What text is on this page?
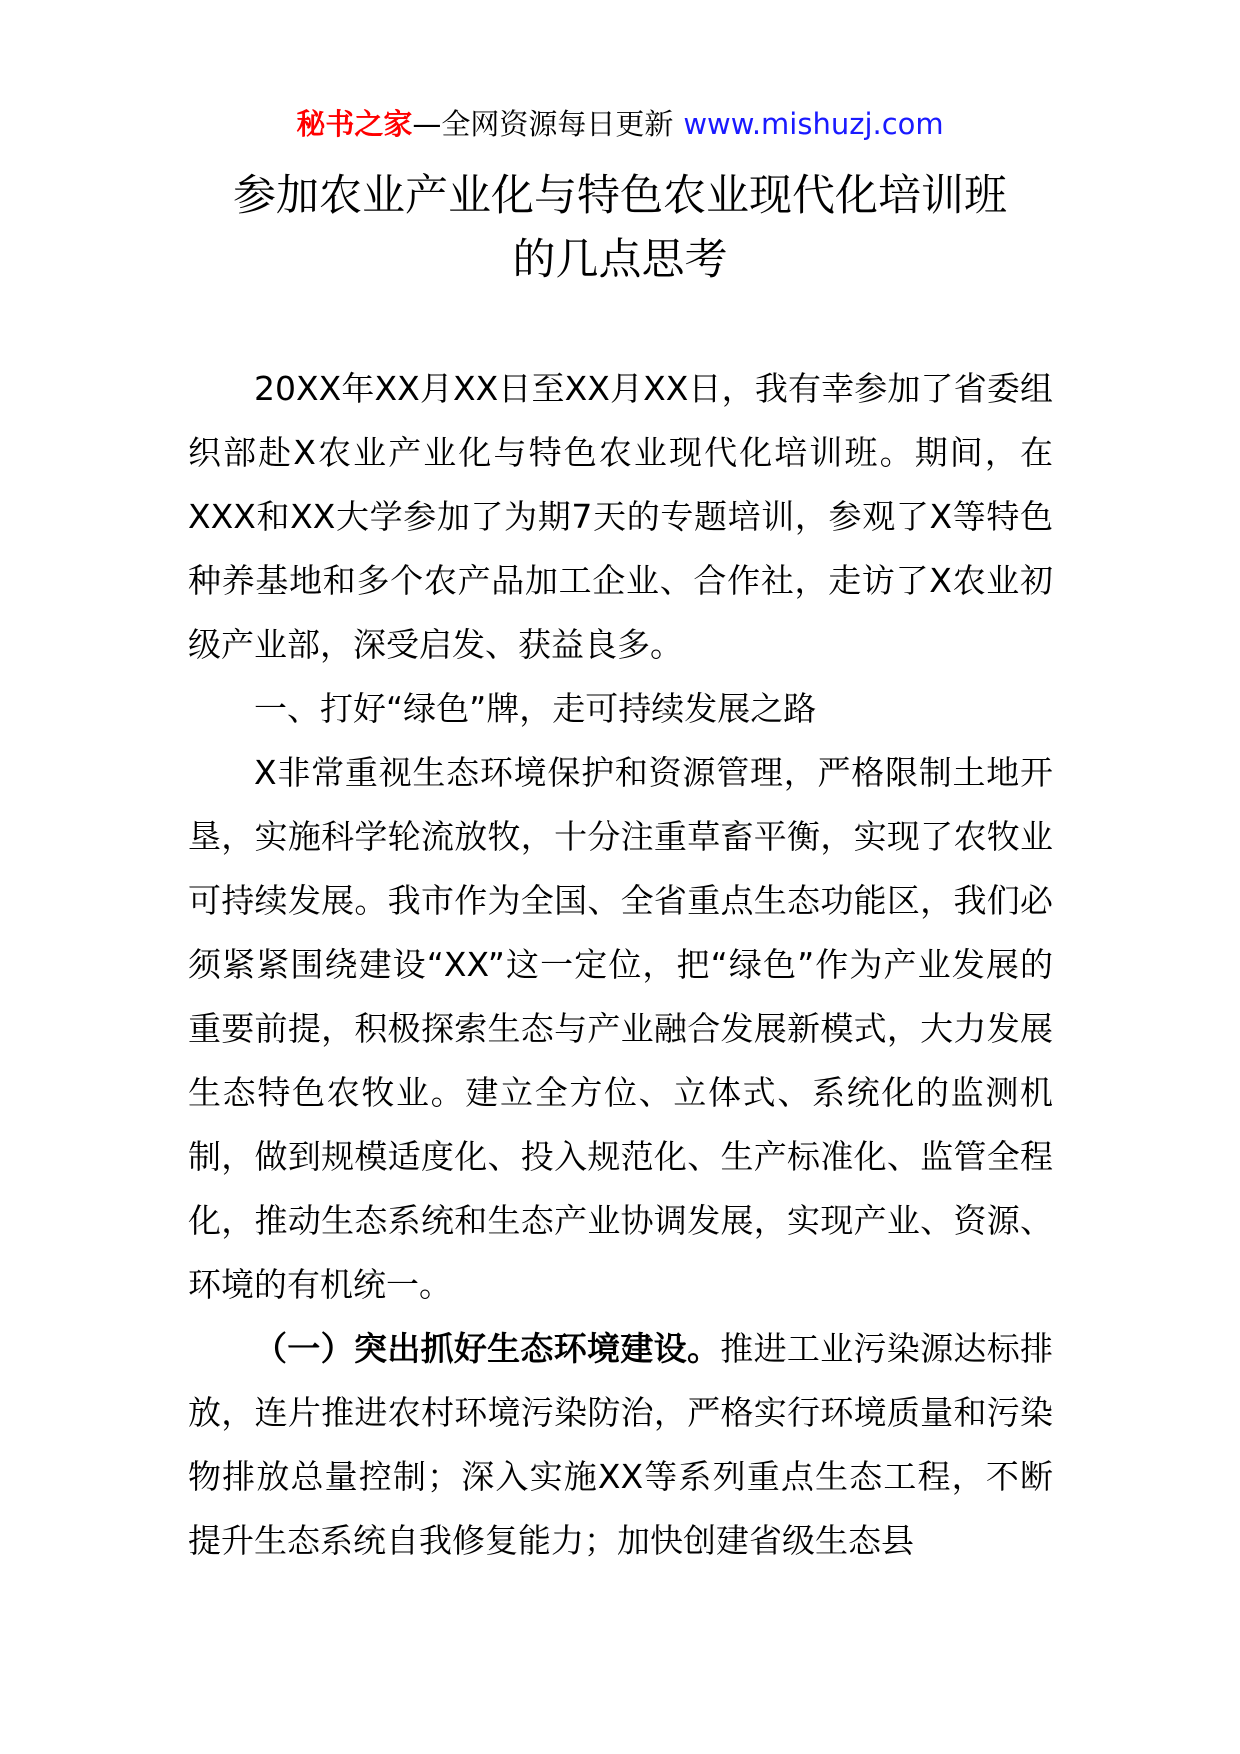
秘书之家—全网资源每日更新 www.mishuzj.com
参加农业产业化与特色农业现代化培训班
的几点思考

20XX年XX月XX日至XX月XX日，我有幸参加了省委组织部赴X农业产业化与特色农业现代化培训班。期间，在XXX和XX大学参加了为期7天的专题培训，参观了X等特色种养基地和多个农产品加工企业、合作社，走访了X农业初级产业部，深受启发、获益良多。

一、打好“绿色”牌，走可持续发展之路

X非常重视生态环境保护和资源管理，严格限制土地开垦，实施科学轮流放牧，十分注重草畜平衡，实现了农牧业可持续发展。我市作为全国、全省重点生态功能区，我们必须紧紧围绕建设“XX”这一定位，把“绿色”作为产业发展的重要前提，积极探索生态与产业融合发展新模式，大力发展生态特色农牧业。建立全方位、立体式、系统化的监测机制，做到规模适度化、投入规范化、生产标准化、监管全程化，推动生态系统和生态产业协调发展，实现产业、资源、环境的有机统一。

（一）突出抓好生态环境建设。推进工业污染源达标排放，连片推进农村环境污染防治，严格实行环境质量和污染物排放总量控制；深入实施XX等系列重点生态工程，不断提升生态系统自我修复能力；加快创建省级生态县
